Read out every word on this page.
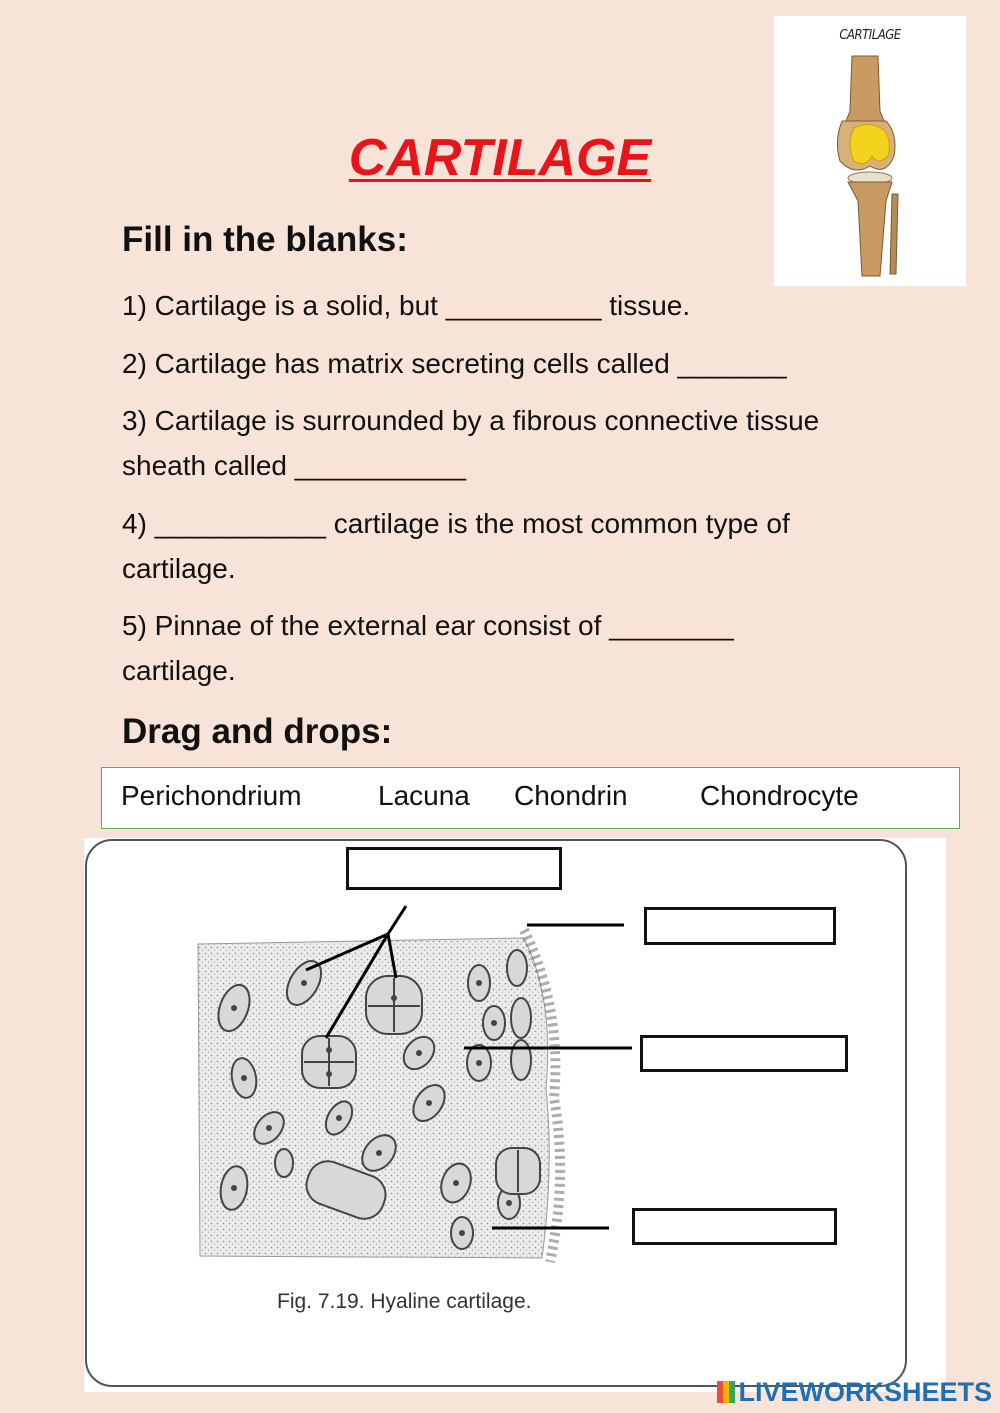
CARTILAGE
CARTILAGE
Fill in the blanks:
1) Cartilage is a solid, but __________ tissue.
2) Cartilage has matrix secreting cells called _______
3) Cartilage is surrounded by a fibrous connective tissue sheath called ___________
4) ___________ cartilage is the most common type of cartilage.
5) Pinnae of the external ear consist of ________ cartilage.
Drag and drops:
Perichondrium	Lacuna Chondrin	Chondrocyte
Fig. 7.19. Hyaline cartilage.
LIVEWORKSHEETS
